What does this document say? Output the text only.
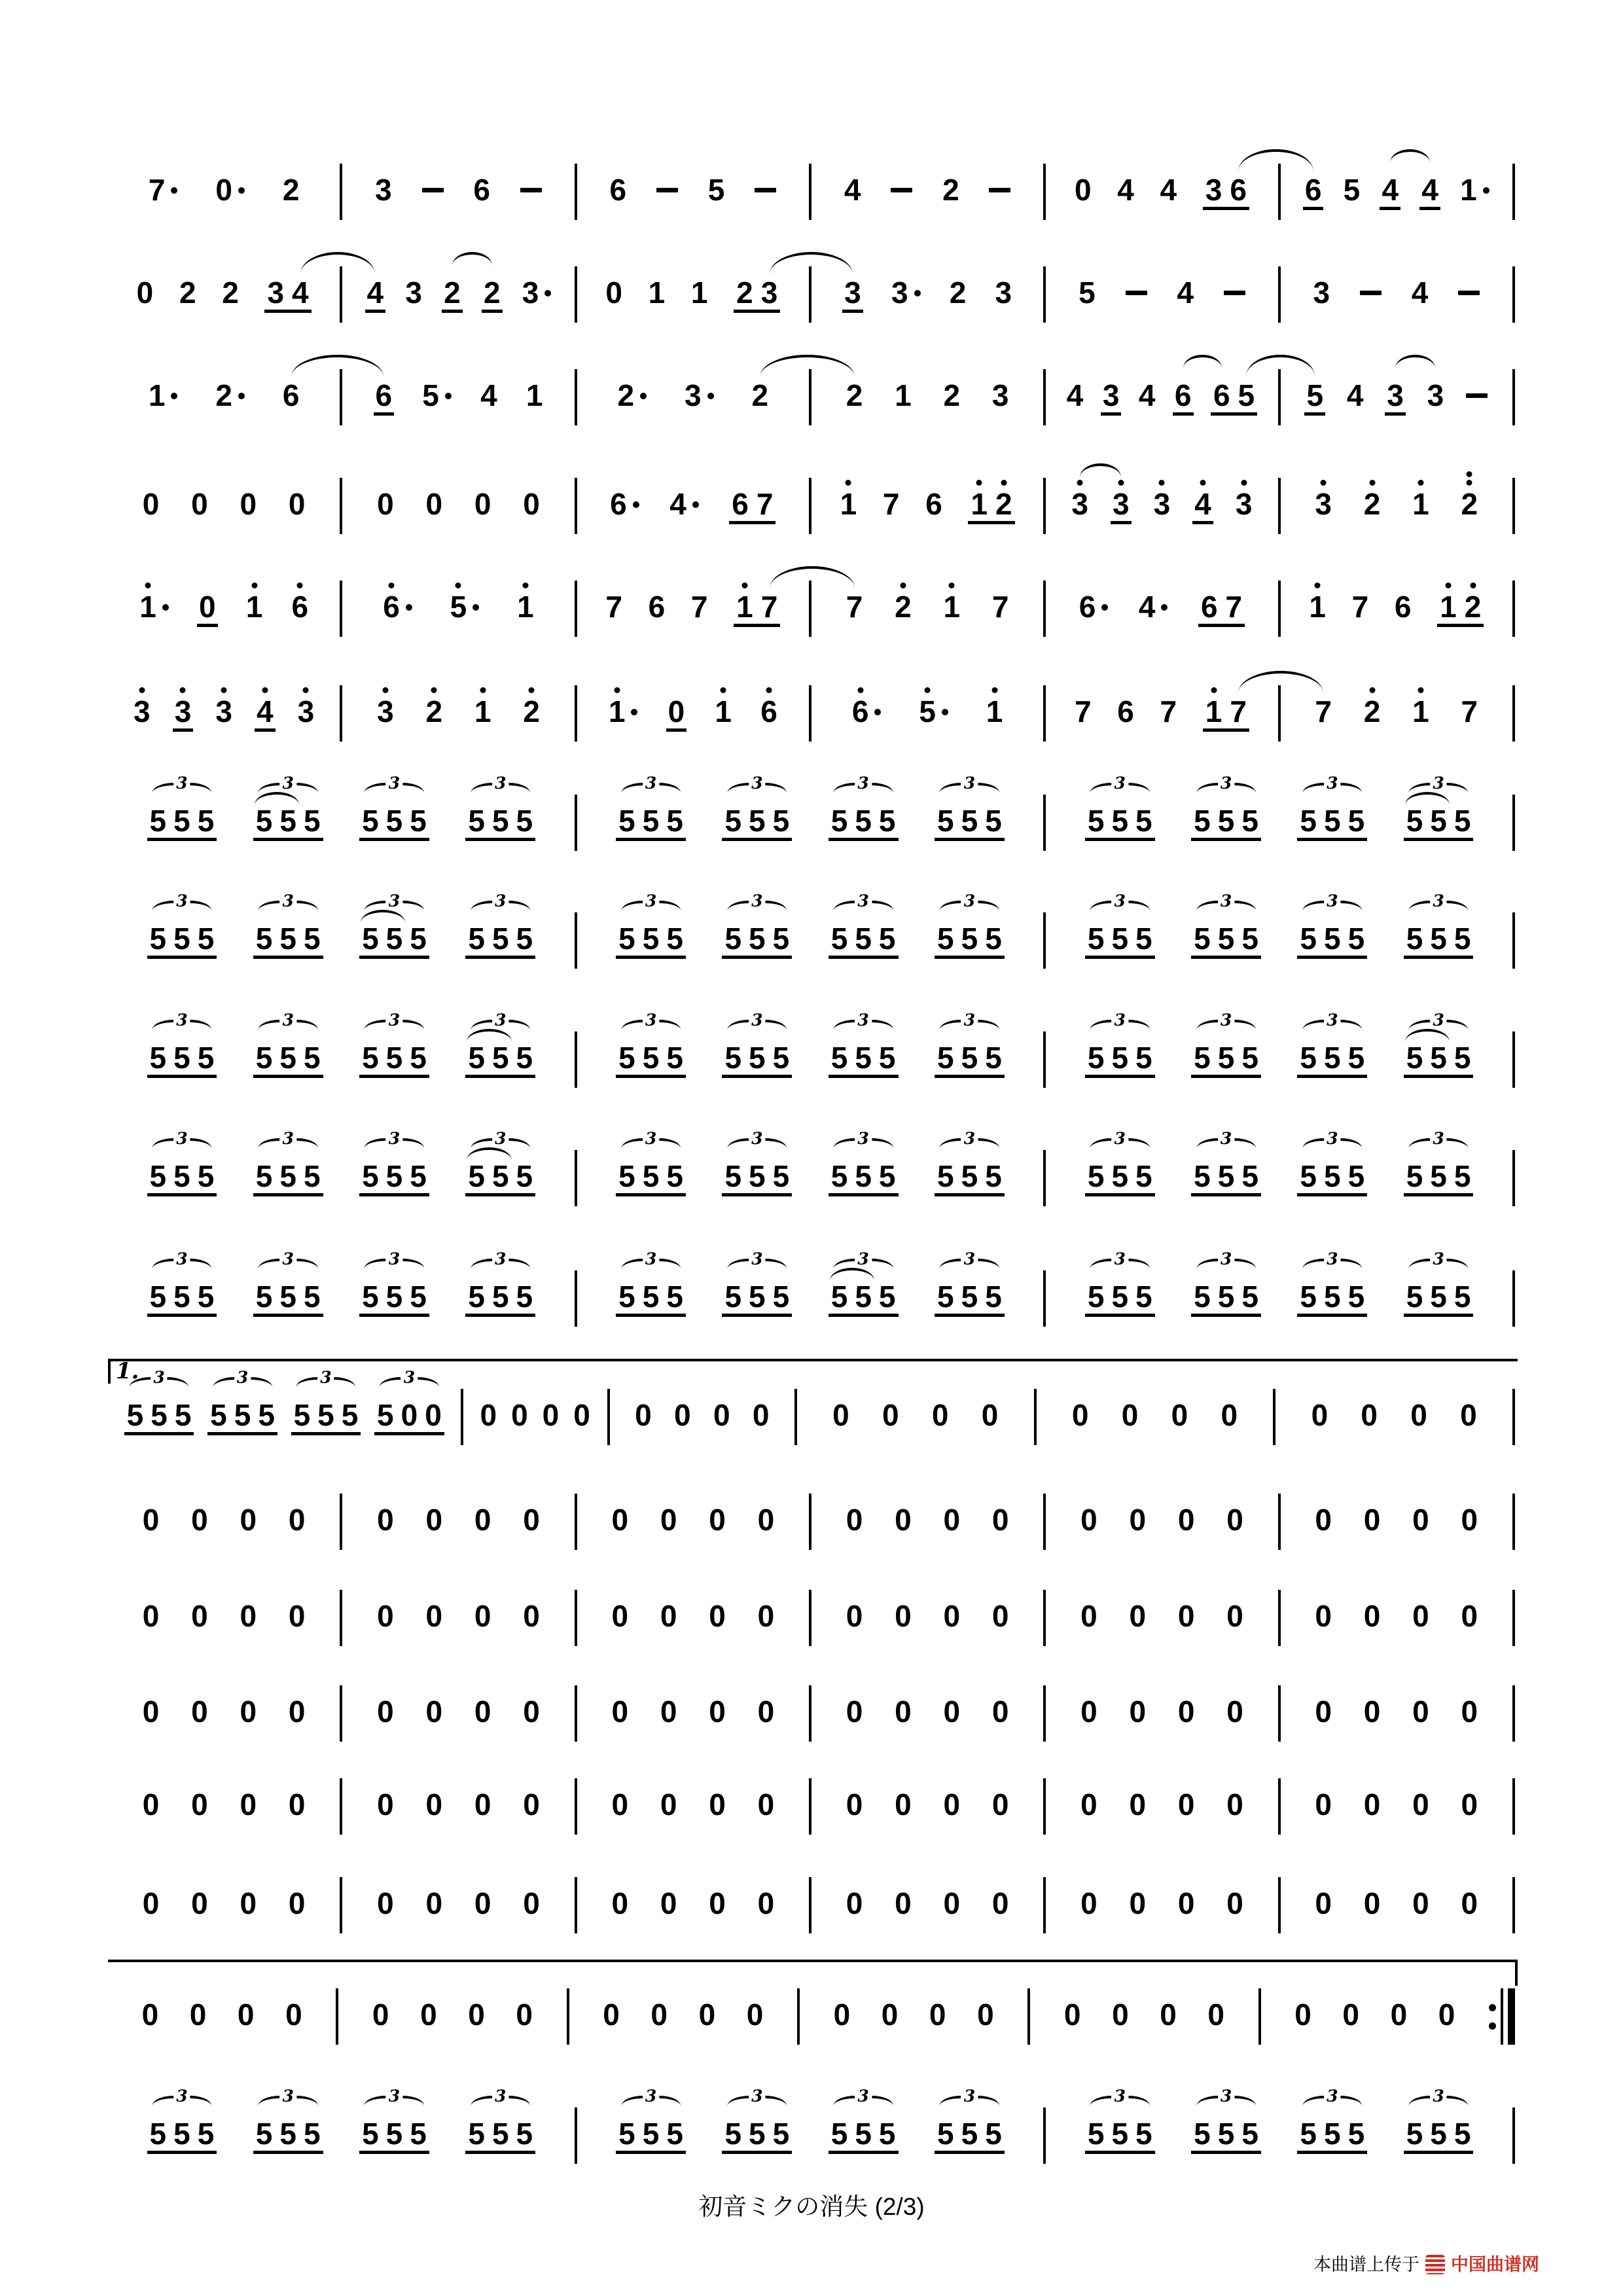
7 0 2	3	6	6	5	4	2	0 4 4 3 6 6 5 4 4 1
0 2 2 3 4 4 3 2 2 3 0 1 1 2 3 3 3 2 3 5	4	3	4
1 2 6	6 5 4 1 2 3 2	2 1 2 3 4 3 4 6 6 5 5 4 3 3
0 0 0 0 0 0 0 0 6 4 6 7 1 7 6 1 2 3 3 3 4 3 3 2 1 2
1 0 1 6 6 5 1 7 6 7 1 7 7 2 1 7 6 4 6 7 1 7 6 1 2
3 3 3 4 3 3 2 1 2 1 0 1 6 6 5 1 7 6 7 1 7 7 2 1 7
3
5 5 5
3
5 5 5
3
5 5 5
3
5 5 5
3
5 5 5
3
5 5 5
3
5 5 5
3
5 5 5
3
5 5 5
3
5 5 5
3
5 5 5
3
5 5 5
3
5 5 5
3
5 5 5
3
5 5 5
3
5 5 5
3
5 5 5
3
5 5 5
3
5 5 5
3
5 5 5
3
5 5 5
3
5 5 5
3
5 5 5
3
5 5 5
3
5 5 5
3
5 5 5
3
5 5 5
3
5 5 5
3
5 5 5
3
5 5 5
3
5 5 5
3
5 5 5
3
5 5 5
3
5 5 5
3
5 5 5
3
5 5 5
3
5 5 5
3
5 5 5
3
5 5 5
3
5 5 5
3
5 5 5
3
5 5 5
3
5 5 5
3
5 5 5
3
5 5 5
3
5 5 5
3
5 5 5
3
5 5 5
3
5 5 5
3
5 5 5
3
5 5 5
3
5 5 5
3
5 5 5
3
5 5 5
3
5 5 5
3
5 5 5
3
5 5 5
3
5 5 5
3
5 5 5
3
5 5 5
1. 3
5 5 5
3
5 5 5
3
5 5 5
3
5 0 0 0 0 0 0 0 0 0 0 0 0 0 0 0 0 0 0 0 0 0 0
0 0 0 0 0 0 0 0 0 0 0 0 0 0 0 0 0 0 0 0 0 0 0 0
0 0 0 0 0 0 0 0 0 0 0 0 0 0 0 0 0 0 0 0 0 0 0 0
0 0 0 0 0 0 0 0 0 0 0 0 0 0 0 0 0 0 0 0 0 0 0 0
0 0 0 0 0 0 0 0 0 0 0 0 0 0 0 0 0 0 0 0 0 0 0 0
0 0 0 0 0 0 0 0 0 0 0 0 0 0 0 0 0 0 0 0 0 0 0 0
0 0 0 0 0 0 0 0 0 0 0 0 0 0 0 0 0 0 0 0 0 0 0 0
3
5 5 5
3
5 5 5
3
5 5 5
3
5 5 5
3
5 5 5
3
5 5 5
3
5 5 5
3
5 5 5
3
5 5 5
3
5 5 5
3
5 5 5
3
5 5 5
初音ミクの消失 (2/3)
本曲谱上传于 中国曲谱网
